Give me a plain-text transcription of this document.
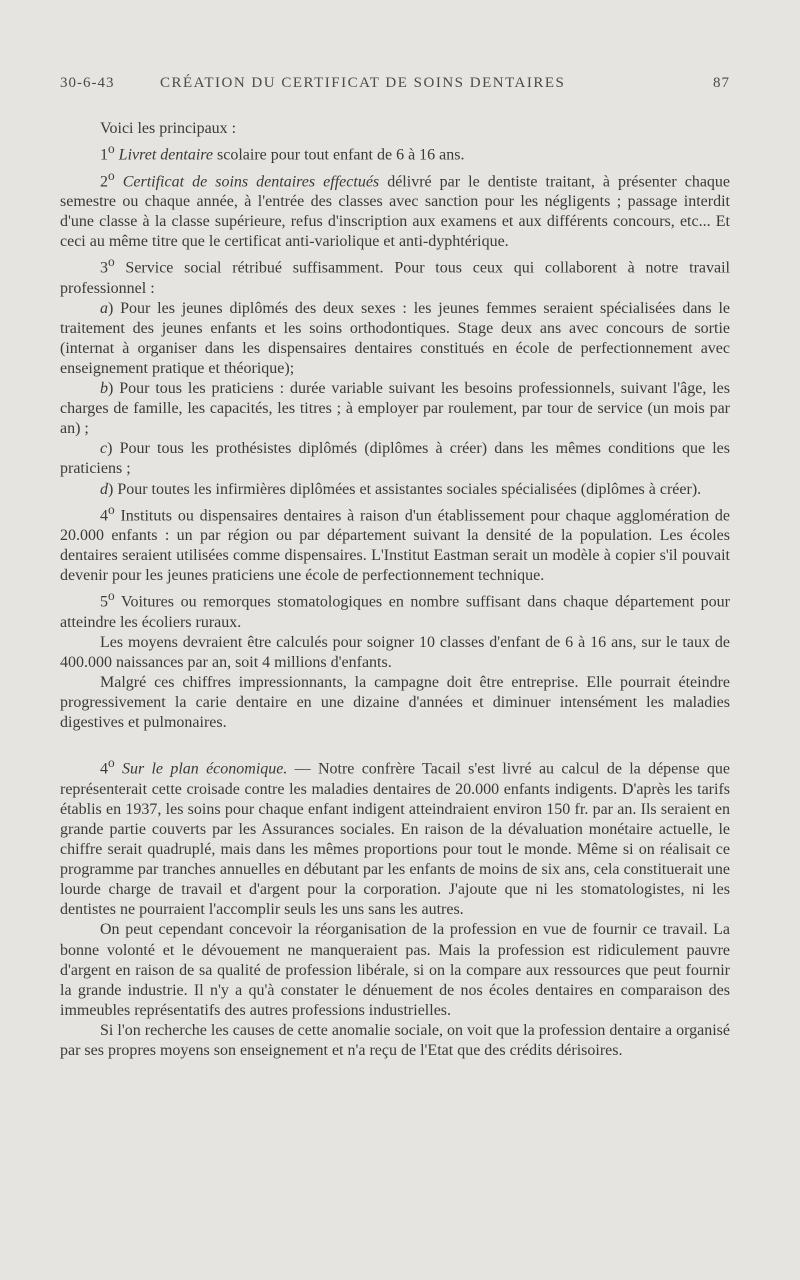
30-6-43	CRÉATION DU CERTIFICAT DE SOINS DENTAIRES	87

Voici les principaux :

1$^o$ Livret dentaire scolaire pour tout enfant de 6 à 16 ans.

2$^o$ Certificat de soins dentaires effectués délivré par le dentiste traitant, à présenter chaque semestre ou chaque année, à l'entrée des classes avec sanction pour les négligents ; passage interdit d'une classe à la classe supérieure, refus d'inscription aux examens et aux différents concours, etc... Et ceci au même titre que le certificat anti-variolique et anti-dyphtérique.

3$^o$ Service social rétribué suffisamment. Pour tous ceux qui collaborent à notre travail professionnel :

a) Pour les jeunes diplômés des deux sexes : les jeunes femmes seraient spécialisées dans le traitement des jeunes enfants et les soins orthodontiques. Stage deux ans avec concours de sortie (internat à organiser dans les dispensaires dentaires constitués en école de perfectionnement avec enseignement pratique et théorique);

b) Pour tous les praticiens : durée variable suivant les besoins professionnels, suivant l'âge, les charges de famille, les capacités, les titres ; à employer par roulement, par tour de service (un mois par an) ;

c) Pour tous les prothésistes diplômés (diplômes à créer) dans les mêmes conditions que les praticiens ;

d) Pour toutes les infirmières diplômées et assistantes sociales spécialisées (diplômes à créer).

4$^o$ Instituts ou dispensaires dentaires à raison d'un établissement pour chaque agglomération de 20.000 enfants : un par région ou par département suivant la densité de la population. Les écoles dentaires seraient utilisées comme dispensaires. L'Institut Eastman serait un modèle à copier s'il pouvait devenir pour les jeunes praticiens une école de perfectionnement technique.

5$^o$ Voitures ou remorques stomatologiques en nombre suffisant dans chaque département pour atteindre les écoliers ruraux.

Les moyens devraient être calculés pour soigner 10 classes d'enfant de 6 à 16 ans, sur le taux de 400.000 naissances par an, soit 4 millions d'enfants.

Malgré ces chiffres impressionnants, la campagne doit être entreprise. Elle pourrait éteindre progressivement la carie dentaire en une dizaine d'années et diminuer intensément les maladies digestives et pulmonaires.

4$^o$ Sur le plan économique. — Notre confrère Tacail s'est livré au calcul de la dépense que représenterait cette croisade contre les maladies dentaires de 20.000 enfants indigents. D'après les tarifs établis en 1937, les soins pour chaque enfant indigent atteindraient environ 150 fr. par an. Ils seraient en grande partie couverts par les Assurances sociales. En raison de la dévaluation monétaire actuelle, le chiffre serait quadruplé, mais dans les mêmes proportions pour tout le monde. Même si on réalisait ce programme par tranches annuelles en débutant par les enfants de moins de six ans, cela constituerait une lourde charge de travail et d'argent pour la corporation. J'ajoute que ni les stomatologistes, ni les dentistes ne pourraient l'accomplir seuls les uns sans les autres.

On peut cependant concevoir la réorganisation de la profession en vue de fournir ce travail. La bonne volonté et le dévouement ne manqueraient pas. Mais la profession est ridiculement pauvre d'argent en raison de sa qualité de profession libérale, si on la compare aux ressources que peut fournir la grande industrie. Il n'y a qu'à constater le dénuement de nos écoles dentaires en comparaison des immeubles représentatifs des autres professions industrielles.

Si l'on recherche les causes de cette anomalie sociale, on voit que la profession dentaire a organisé par ses propres moyens son enseignement et n'a reçu de l'Etat que des crédits dérisoires.
